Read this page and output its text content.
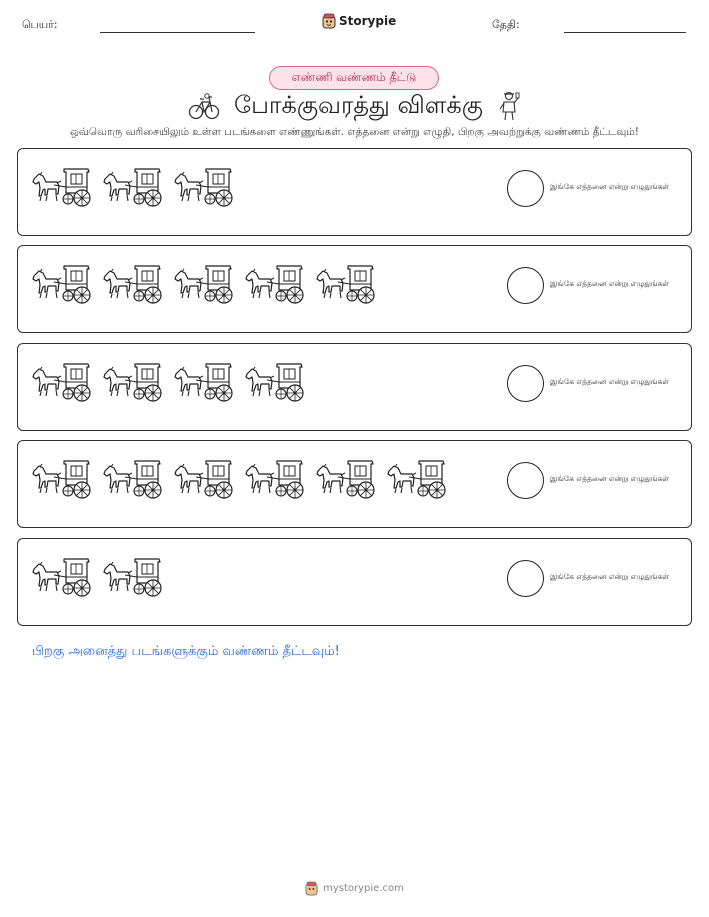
பெயர்:	Storypie	தேதி:
எண்ணி வண்ணம் தீட்டு
போக்குவரத்து விளக்கு
ஒவ்வொரு வரிசையிலும் உள்ள படங்களை எண்ணுங்கள். எத்தனை என்று எழுதி, பிறகு அவற்றுக்கு வண்ணம் தீட்டவும்!
இங்கே எத்தனை என்று எழுதுங்கள்
இங்கே எத்தனை என்று எழுதுங்கள்
இங்கே எத்தனை என்று எழுதுங்கள்
இங்கே எத்தனை என்று எழுதுங்கள்
இங்கே எத்தனை என்று எழுதுங்கள்
பிறகு அனைத்து படங்களுக்கும் வண்ணம் தீட்டவும்!
mystorypie.com
